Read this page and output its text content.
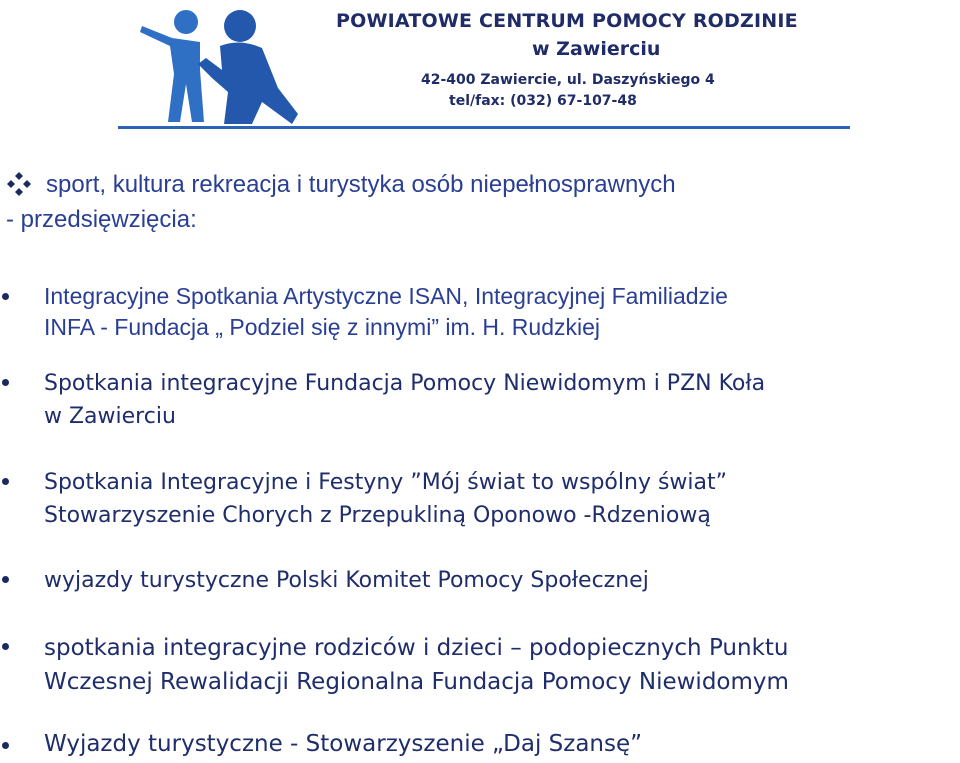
POWIATOWE CENTRUM POMOCY RODZINIE
w Zawierciu
42-400 Zawiercie, ul. Daszyńskiego 4
tel/fax: (032) 67-107-48
sport, kultura rekreacja i turystyka osób niepełnosprawnych
- przedsięwzięcia:
Integracyjne Spotkania Artystyczne ISAN, Integracyjnej Familiadzie
INFA - Fundacja „ Podziel się z innymi” im. H. Rudzkiej
Spotkania integracyjne Fundacja Pomocy Niewidomym i PZN Koła
w Zawierciu
Spotkania Integracyjne i Festyny ”Mój świat to wspólny świat”
Stowarzyszenie Chorych z Przepukliną Oponowo -Rdzeniową
wyjazdy turystyczne Polski Komitet Pomocy Społecznej
spotkania integracyjne rodziców i dzieci – podopiecznych Punktu
Wczesnej Rewalidacji Regionalna Fundacja Pomocy Niewidomym
Wyjazdy turystyczne - Stowarzyszenie „Daj Szansę”
